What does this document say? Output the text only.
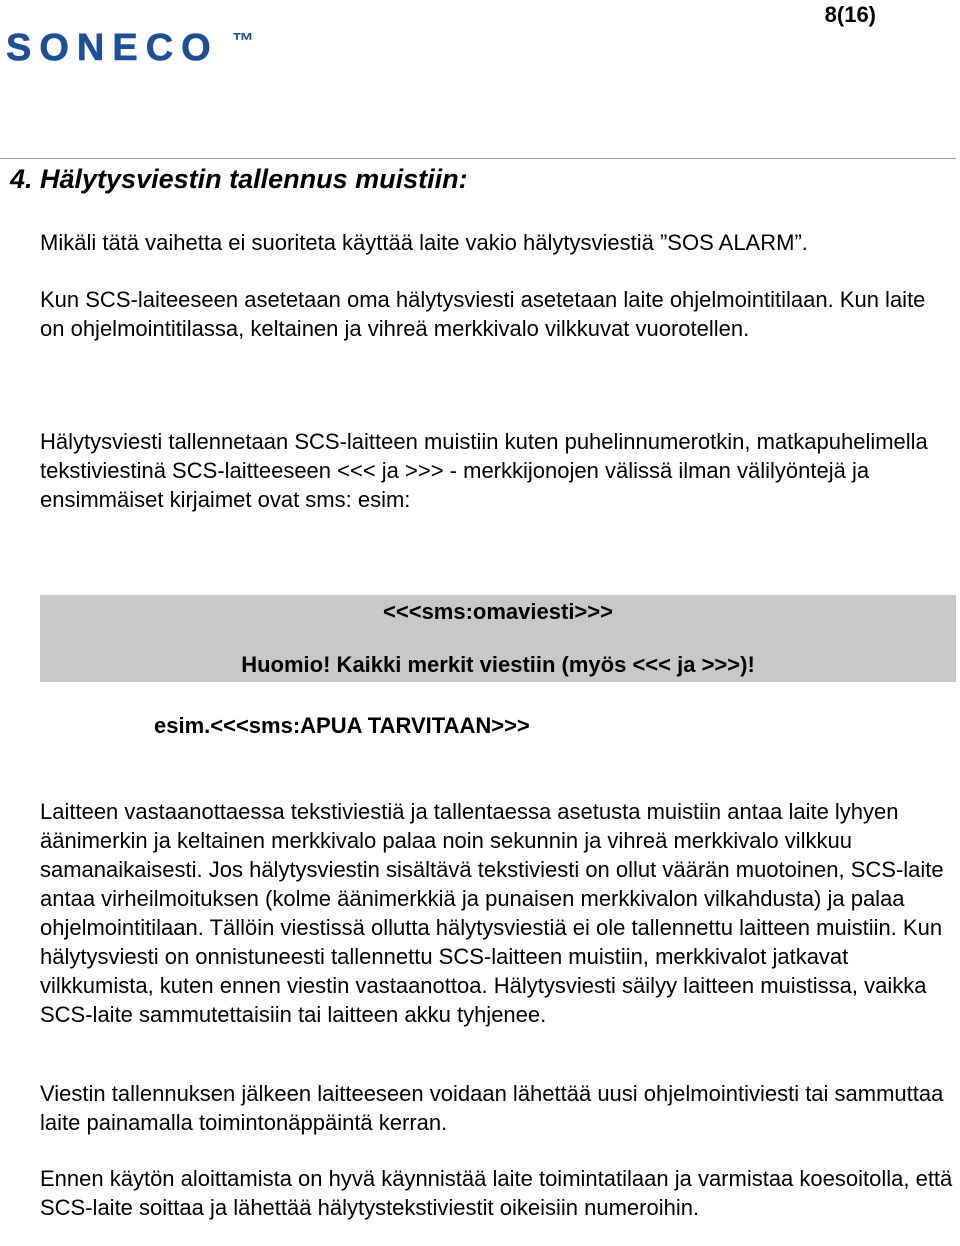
8(16)
SONECO ™
4. Hälytysviestin tallennus muistiin:

Mikäli tätä vaihetta ei suoriteta käyttää laite vakio hälytysviestiä ”SOS ALARM”.

Kun SCS-laiteeseen asetetaan oma hälytysviesti asetetaan laite ohjelmointitilaan. Kun laite on ohjelmointitilassa, keltainen ja vihreä merkkivalo vilkkuvat vuorotellen.

Hälytysviesti tallennetaan SCS-laitteen muistiin kuten puhelinnumerotkin, matkapuhelimella tekstiviestinä SCS-laitteeseen <<< ja >>> - merkkijonojen välissä ilman välilyöntejä ja ensimmäiset kirjaimet ovat sms: esim:

<<<sms:omaviesti>>>

Huomio! Kaikki merkit viestiin (myös <<< ja >>>)!

esim.<<<sms:APUA TARVITAAN>>>

Laitteen vastaanottaessa tekstiviestiä ja tallentaessa asetusta muistiin antaa laite lyhyen äänimerkin ja keltainen merkkivalo palaa noin sekunnin ja vihreä merkkivalo vilkkuu samanaikaisesti. Jos hälytysviestin sisältävä tekstiviesti on ollut väärän muotoinen, SCS-laite antaa virheilmoituksen (kolme äänimerkkiä ja punaisen merkkivalon vilkahdusta) ja palaa ohjelmointitilaan. Tällöin viestissä ollutta hälytysviestiä ei ole tallennettu laitteen muistiin. Kun hälytysviesti on onnistuneesti tallennettu SCS-laitteen muistiin, merkkivalot jatkavat vilkkumista, kuten ennen viestin vastaanottoa. Hälytysviesti säilyy laitteen muistissa, vaikka SCS-laite sammutettaisiin tai laitteen akku tyhjenee.

Viestin tallennuksen jälkeen laitteeseen voidaan lähettää uusi ohjelmointiviesti tai sammuttaa laite painamalla toimintonäppäintä kerran.

Ennen käytön aloittamista on hyvä käynnistää laite toimintatilaan ja varmistaa koesoitolla, että SCS-laite soittaa ja lähettää hälytystekstiviestit oikeisiin numeroihin.
